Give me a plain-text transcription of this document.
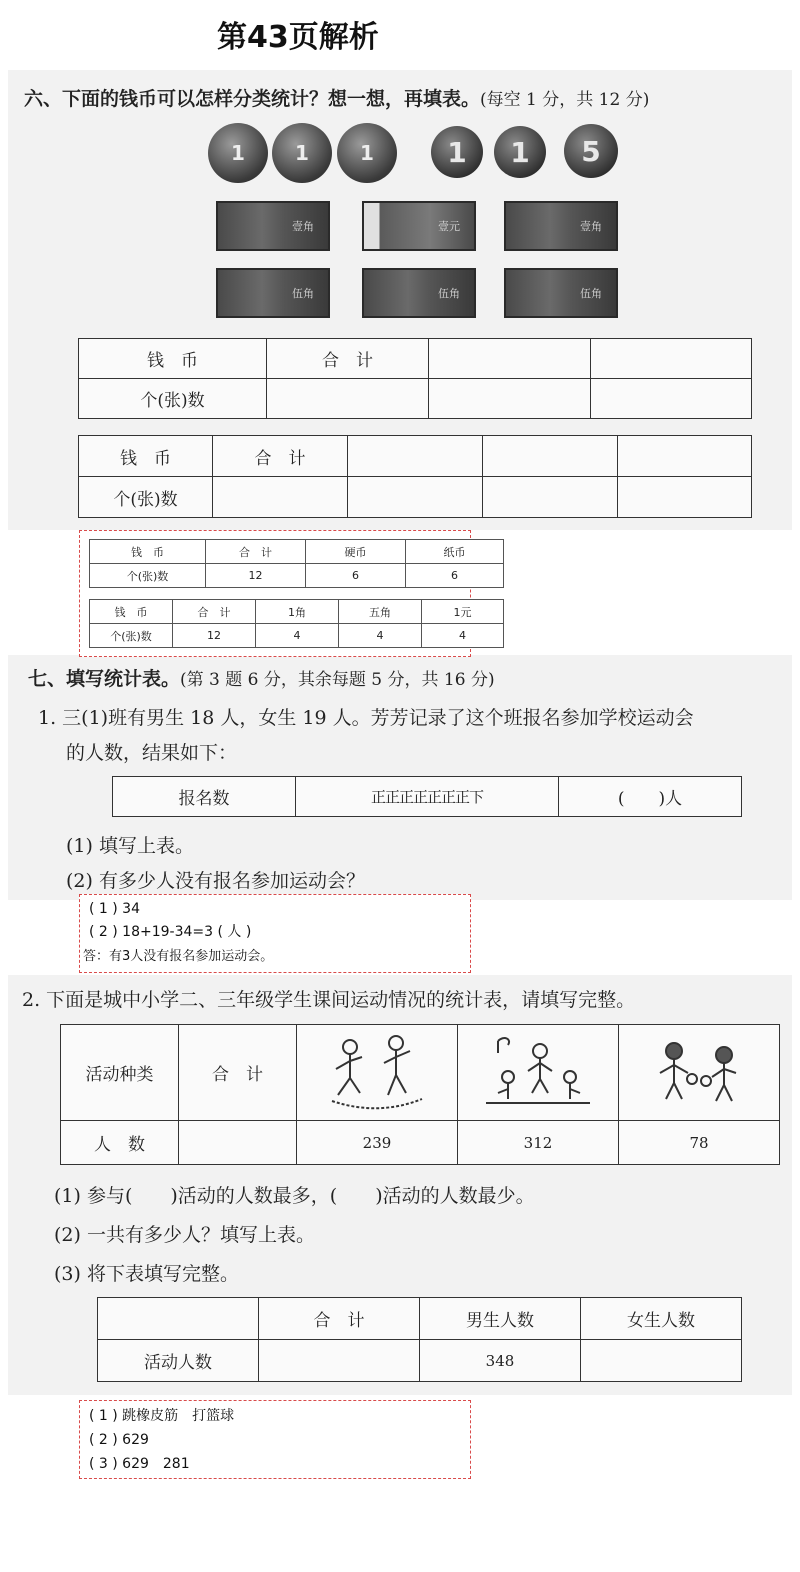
第43页解析
六、下面的钱币可以怎样分类统计？想一想，再填表。(每空 1 分，共 12 分)
1	1	1	1 1 5
壹角	壹元	壹角
伍角	伍角	伍角
钱　币	合　计		
个(张)数			
钱　币	合　计			
个(张)数				
钱　币	合　计	硬币	纸币
个(张)数	12	6	6
钱　币	合　计	1角	五角	1元
个(张)数	12	4	4	4
七、填写统计表。(第 3 题 6 分，其余每题 5 分，共 16 分)
1. 三(1)班有男生 18 人，女生 19 人。芳芳记录了这个班报名参加学校运动会
的人数，结果如下：
报名数	正正正正正正正下	(　　)人
(1) 填写上表。
(2) 有多少人没有报名参加运动会？
( 1 ) 34
( 2 ) 18+19-34=3 ( 人 )
答：有3人没有报名参加运动会。
2. 下面是城中小学二、三年级学生课间运动情况的统计表，请填写完整。
活动种类	合　计	

人　数		239	312	78
(1) 参与(　　)活动的人数最多，(　　)活动的人数最少。
(2) 一共有多少人？填写上表。
(3) 将下表填写完整。
	合　计	男生人数	女生人数
活动人数		348	
( 1 ) 跳橡皮筋　打篮球
( 2 ) 629
( 3 ) 629　281
